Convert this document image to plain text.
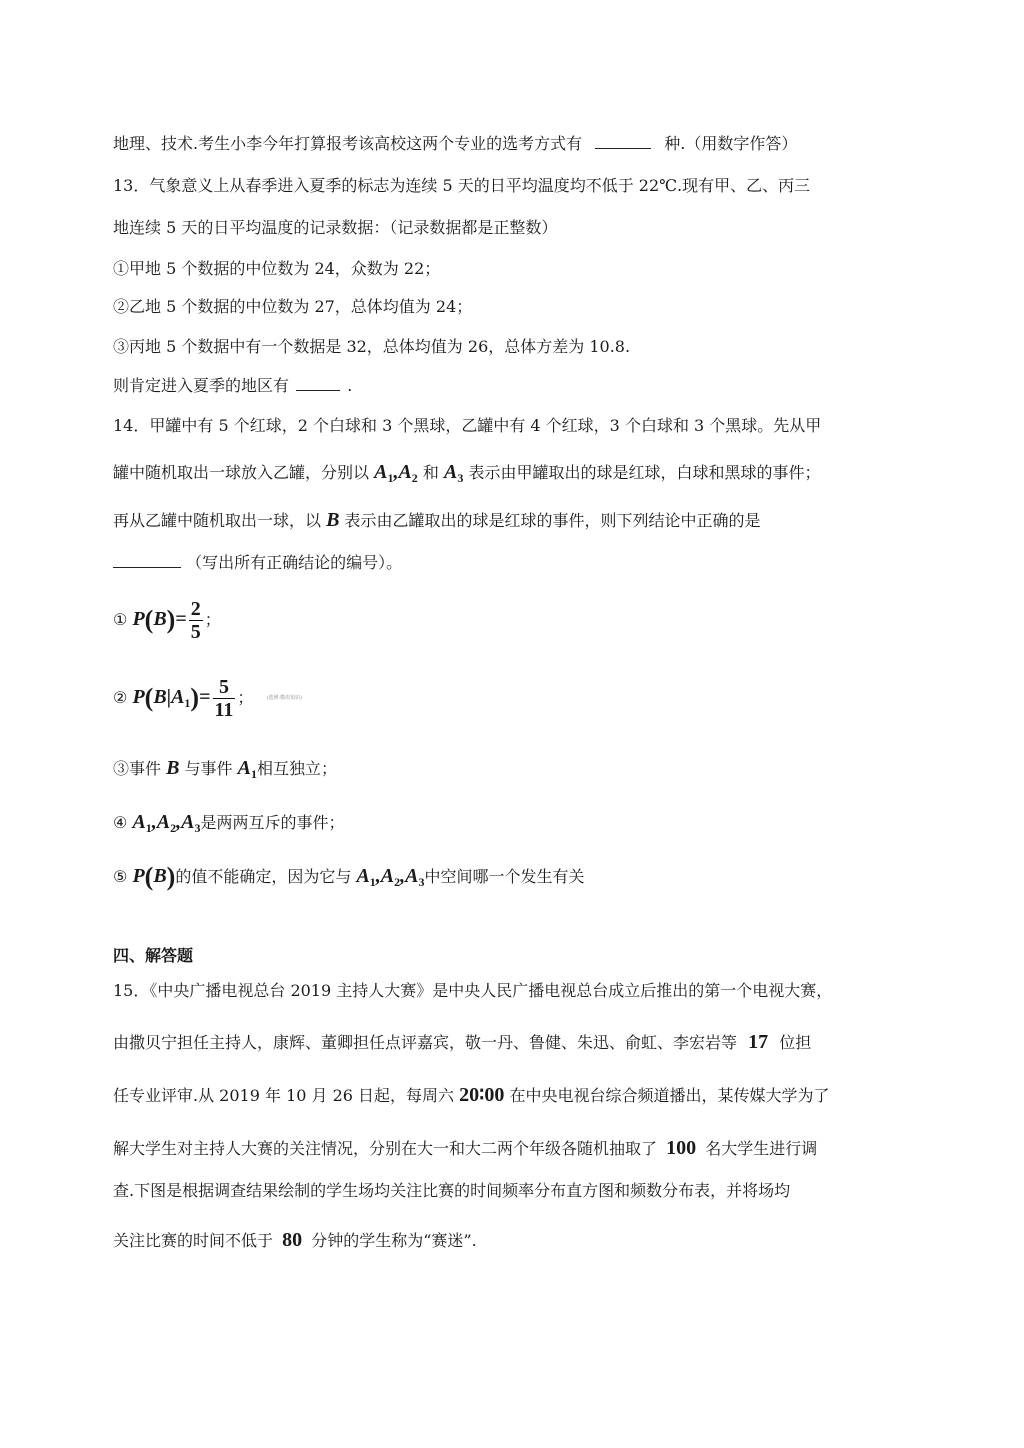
地理、技术.考生小李今年打算报考该高校这两个专业的选考方式有	种.（用数字作答）
13．气象意义上从春季进入夏季的标志为连续 5 天的日平均温度均不低于 22℃.现有甲、乙、丙三
地连续 5 天的日平均温度的记录数据：（记录数据都是正整数）
①甲地 5 个数据的中位数为 24，众数为 22；
②乙地 5 个数据的中位数为 27，总体均值为 24；
③丙地 5 个数据中有一个数据是 32，总体均值为 26，总体方差为 10.8.
则肯定进入夏季的地区有	.
14．甲罐中有 5 个红球，2 个白球和 3 个黑球，乙罐中有 4 个红球，3 个白球和 3 个黑球。先从甲
罐中随机取出一球放入乙罐，分别以 $A_1,A_2$ 和 $A_3$ 表示由甲罐取出的球是红球，白球和黑球的事件；
再从乙罐中随机取出一球，以 B 表示由乙罐取出的球是红球的事件，则下列结论中正确的是
（写出所有正确结论的编号）。
① $P(B)= \frac{2}{5}$ ；
② $P(B|A_1)= \frac{5}{11}$ ；	(选修·模块知识)
③事件 B 与事件 $A_1$相互独立；
④ $A_1,A_2,A_3$是两两互斥的事件；
⑤ P(B)的值不能确定，因为它与 $A_1,A_2,A_3$中空间哪一个发生有关
四、解答题
15．《中央广播电视总台 2019 主持人大赛》是中央人民广播电视总台成立后推出的第一个电视大赛，
由撒贝宁担任主持人，康辉、董卿担任点评嘉宾，敬一丹、鲁健、朱迅、俞虹、李宏岩等 17 位担
任专业评审.从 2019 年 10 月 26 日起，每周六 20∶00 在中央电视台综合频道播出，某传媒大学为了
解大学生对主持人大赛的关注情况，分别在大一和大二两个年级各随机抽取了 100 名大学生进行调
查.下图是根据调查结果绘制的学生场均关注比赛的时间频率分布直方图和频数分布表，并将场均
关注比赛的时间不低于 80 分钟的学生称为“赛迷”.
